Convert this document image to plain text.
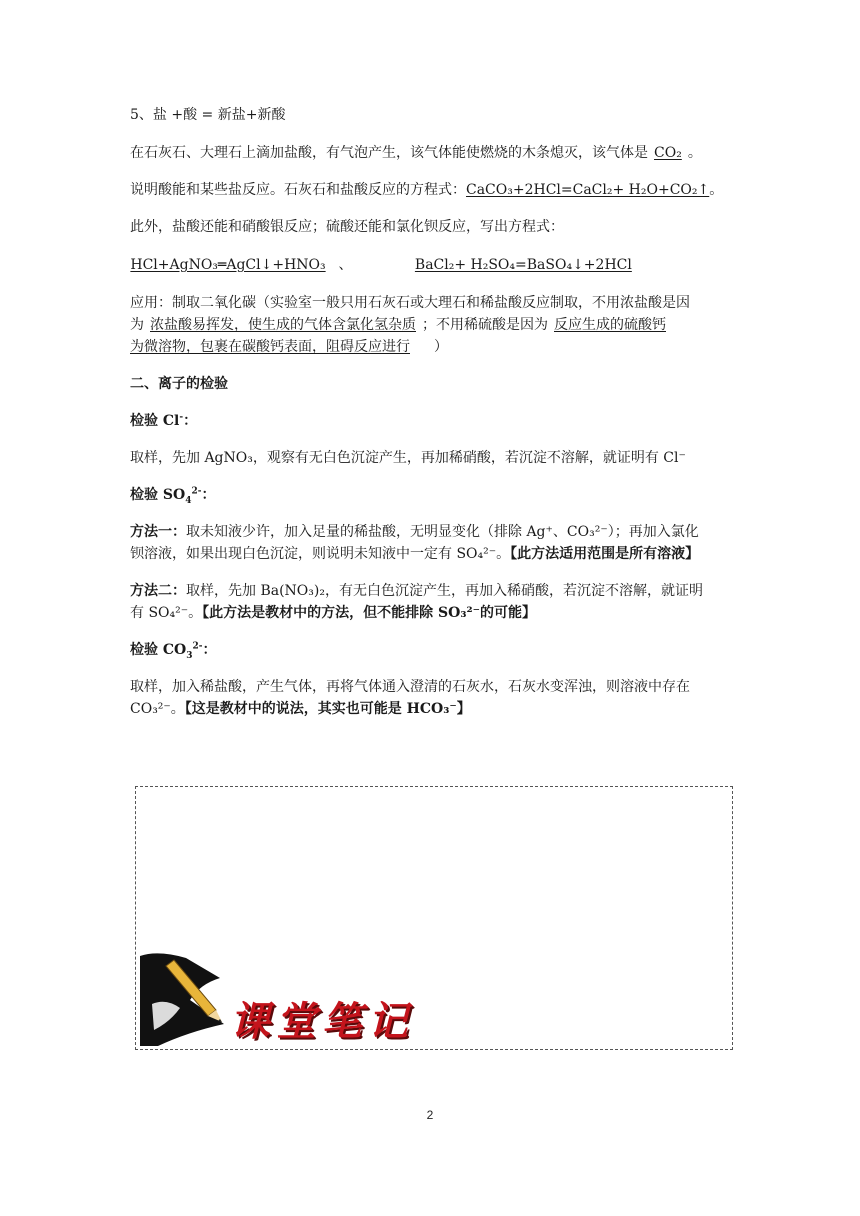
5、盐 +酸 = 新盐+新酸
在石灰石、大理石上滴加盐酸，有气泡产生，该气体能使燃烧的木条熄灭，该气体是 CO₂ 。
说明酸能和某些盐反应。石灰石和盐酸反应的方程式：CaCO₃+2HCl=CaCl₂+ H₂O+CO₂↑。
此外，盐酸还能和硝酸银反应；硫酸还能和氯化钡反应，写出方程式：
HCl+AgNO₃═AgCl↓+HNO₃ 、	BaCl₂+ H₂SO₄=BaSO₄↓+2HCl
应用：制取二氧化碳（实验室一般只用石灰石或大理石和稀盐酸反应制取，不用浓盐酸是因
为 浓盐酸易挥发，使生成的气体含氯化氢杂质 ；不用稀硫酸是因为 反应生成的硫酸钙
为微溶物，包裹在碳酸钙表面，阻碍反应进行 ）
二、离子的检验
检验 Cl-：
取样，先加 AgNO₃，观察有无白色沉淀产生，再加稀硝酸，若沉淀不溶解，就证明有 Cl⁻
检验 $SO_4^{2-}$：
方法一：取未知液少许，加入足量的稀盐酸，无明显变化（排除 Ag⁺、CO₃²⁻）；再加入氯化
钡溶液，如果出现白色沉淀，则说明未知液中一定有 SO₄²⁻。【此方法适用范围是所有溶液】
方法二：取样，先加 Ba(NO₃)₂，有无白色沉淀产生，再加入稀硝酸，若沉淀不溶解，就证明
有 SO₄²⁻。【此方法是教材中的方法，但不能排除 SO₃²⁻的可能】
检验 $CO_3^{2-}$：
取样，加入稀盐酸，产生气体，再将气体通入澄清的石灰水，石灰水变浑浊，则溶液中存在
CO₃²⁻。【这是教材中的说法，其实也可能是 HCO₃⁻】
课堂笔记
2
